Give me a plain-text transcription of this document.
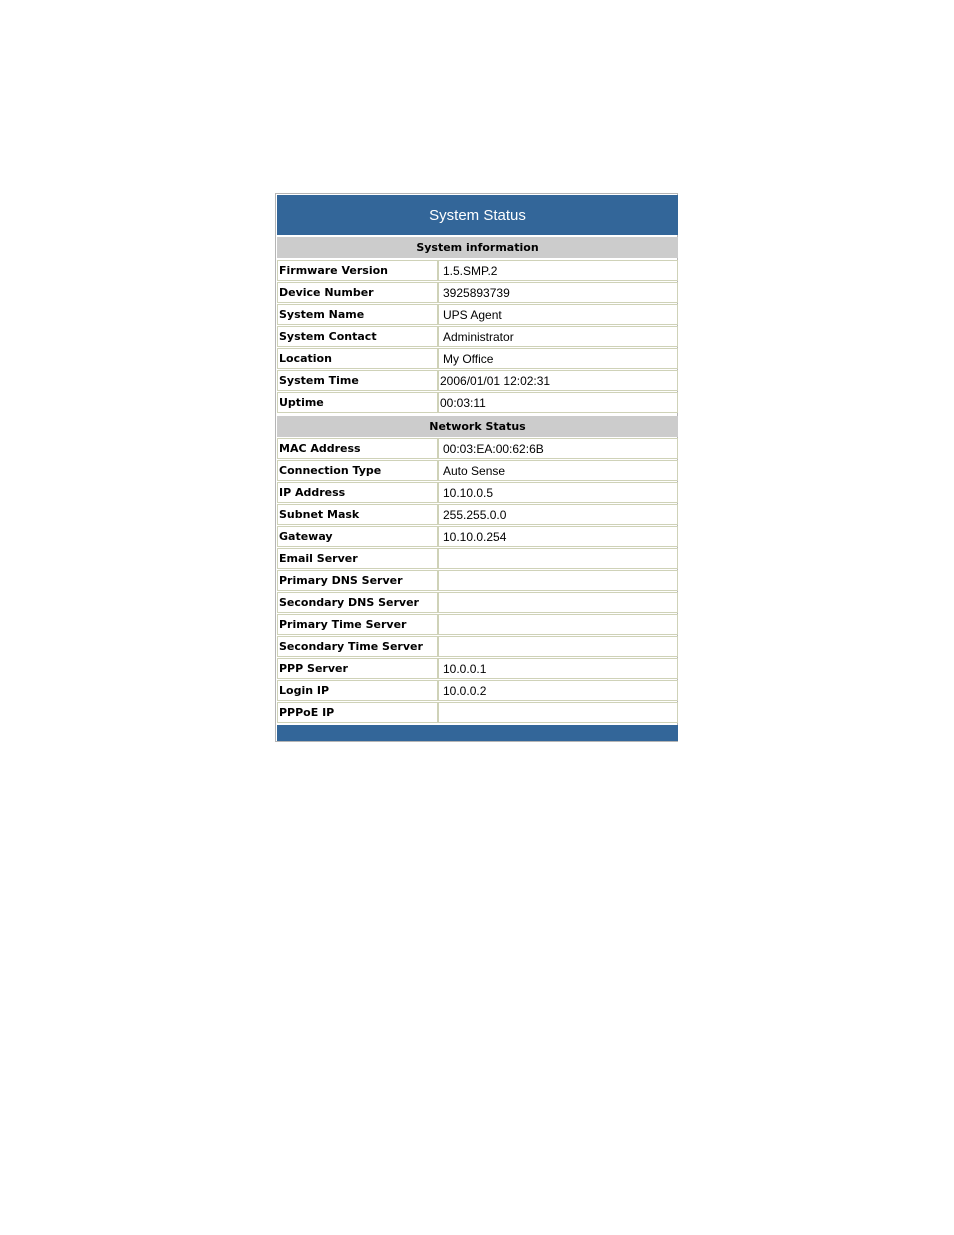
System Status
System information
Firmware Version	1.5.SMP.2
Device Number	3925893739
System Name	UPS Agent
System Contact	Administrator
Location	My Office
System Time	2006/01/01 12:02:31
Uptime	00:03:11
Network Status
MAC Address	00:03:EA:00:62:6B
Connection Type	Auto Sense
IP Address	10.10.0.5
Subnet Mask	255.255.0.0
Gateway	10.10.0.254
Email Server
Primary DNS Server
Secondary DNS Server
Primary Time Server
Secondary Time Server
PPP Server	10.0.0.1
Login IP	10.0.0.2
PPPoE IP
